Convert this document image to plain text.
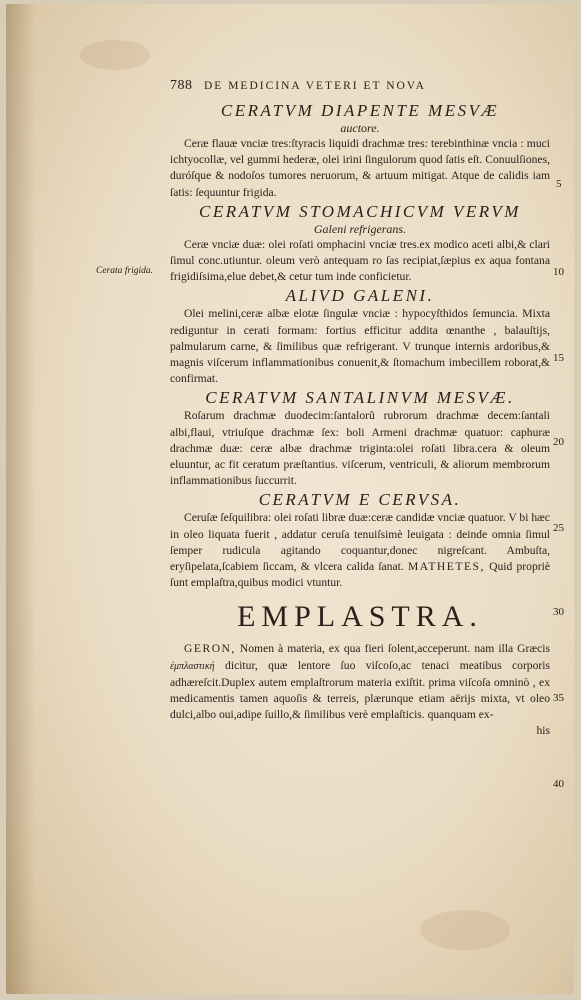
788 DE MEDICINA VETERI ET NOVA
Cerata frigida.
5
10
15
20
25
30
35
40

CERATVM DIAPENTE MESVÆ

auctore.

Ceræ flauæ vnciæ tres:ſtyracis liquidi drachmæ tres: terebinthinæ vncia : muci ichtyocollæ, vel gummi hederæ, olei irini ſingulorum quod ſatis eſt. Conuulſiones, duróſque & nodoſos tumores neruorum, & artuum mitigat. Atque de calidis iam ſatis: ſequuntur frigida.

CERATVM STOMACHICVM VERVM

Galeni refrigerans.

Ceræ vnciæ duæ: olei roſati omphacini vnciæ tres.ex modico aceti albi,& clari ſimul conc.utiuntur. oleum verò antequam ro ſas recipiat,ſæpius ex aqua fontana frigidiſsima,elue debet,& cetur tum inde conficietur.

ALIVD GALENI.

Olei melini,ceræ albæ elotæ ſingulæ vnciæ : hypocyſthidos ſemuncia. Mixta rediguntur in cerati formam: fortius efficitur addita œnanthe , balauſtijs, palmularum carne, & ſimilibus quæ refrigerant. V trunque internis ardoribus,& magnis viſcerum inflammationibus conuenit,& ſtomachum imbecillem roborat,& confirmat.

CERATVM SANTALINVM MESVÆ.

Roſarum drachmæ duodecim:ſantalorũ rubrorum drachmæ decem:ſantali albi,flaui, vtriuſque drachmæ ſex: boli Armeni drachmæ quatuor: caphuræ drachmæ duæ: ceræ albæ drachmæ triginta:olei roſati libra.cera & oleum eluuntur, ac fit ceratum præſtantius. viſcerum, ventriculi, & aliorum membrorum inflammationibus ſuccurrit.

CERATVM E CERVSA.

Ceruſæ ſeſquilibra: olei roſati libræ duæ:ceræ candidæ vnciæ quatuor. V bi hæc in oleo liquata fuerit , addatur ceruſa tenuiſsimè leuigata : deinde omnia ſimul ſemper rudicula agitando coquantur,donec nigreſcant. Ambuſta, eryſipelata,ſcabiem ſiccam, & vlcera calida ſanat. MATHETES, Quid propriè ſunt emplaſtra,quibus modici vtuntur.

EMPLASTRA.

GERON, Nomen à materia, ex qua fieri ſolent,acceperunt. nam illa Græcis ἐμπλαστική dicitur, quæ lentore ſuo viſcoſo,ac tenaci meatibus corporis adhæreſcit.Duplex autem emplaſtrorum materia exiſtit. prima viſcoſa omninò , ex medicamentis tamen aquoſis & terreis, plærunque etiam aërijs mixta, vt oleo dulci,albo oui,adipe ſuillo,& ſimilibus verè emplaſticis. quanquam ex-

his
